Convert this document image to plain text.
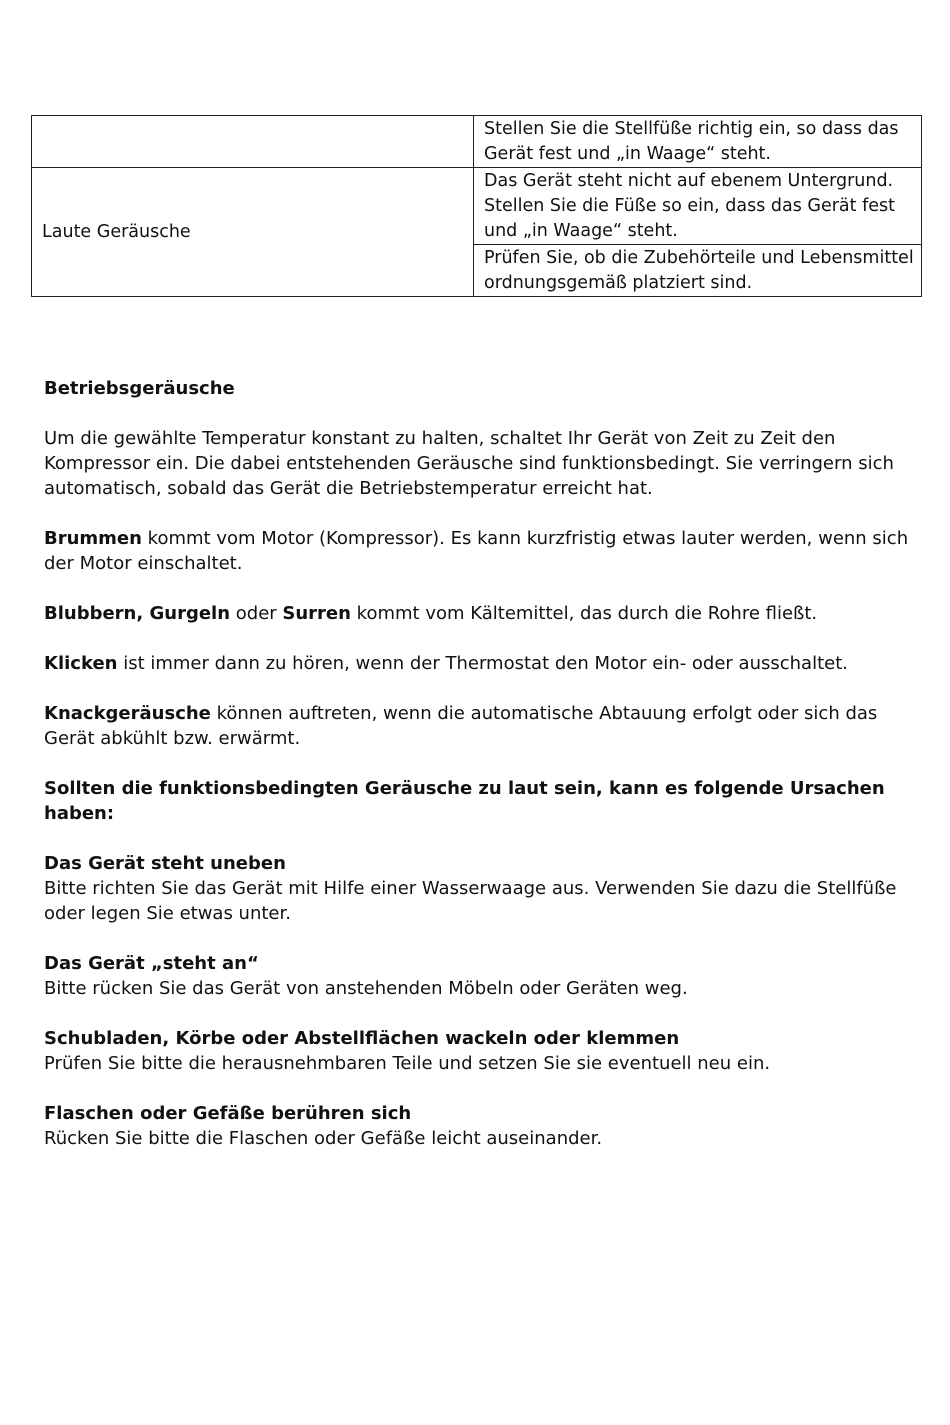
	Stellen Sie die Stellfüße richtig ein, so dass das Gerät fest und „in Waage“ steht.
Laute Geräusche	Das Gerät steht nicht auf ebenem Untergrund. Stellen Sie die Füße so ein, dass das Gerät fest und „in Waage“ steht.
	Prüfen Sie, ob die Zubehörteile und Lebensmittel ordnungsgemäß platziert sind.
Betriebsgeräusche
Um die gewählte Temperatur konstant zu halten, schaltet Ihr Gerät von Zeit zu Zeit den Kompressor ein. Die dabei entstehenden Geräusche sind funktionsbedingt. Sie verringern sich automatisch, sobald das Gerät die Betriebstemperatur erreicht hat.
Brummen kommt vom Motor (Kompressor). Es kann kurzfristig etwas lauter werden, wenn sich der Motor einschaltet.
Blubbern, Gurgeln oder Surren kommt vom Kältemittel, das durch die Rohre fließt.
Klicken ist immer dann zu hören, wenn der Thermostat den Motor ein- oder ausschaltet.
Knackgeräusche können auftreten, wenn die automatische Abtauung erfolgt oder sich das Gerät abkühlt bzw. erwärmt.
Sollten die funktionsbedingten Geräusche zu laut sein, kann es folgende Ursachen haben:
Das Gerät steht uneben
Bitte richten Sie das Gerät mit Hilfe einer Wasserwaage aus. Verwenden Sie dazu die Stellfüße oder legen Sie etwas unter.
Das Gerät „steht an“
Bitte rücken Sie das Gerät von anstehenden Möbeln oder Geräten weg.
Schubladen, Körbe oder Abstellflächen wackeln oder klemmen
Prüfen Sie bitte die herausnehmbaren Teile und setzen Sie sie eventuell neu ein.
Flaschen oder Gefäße berühren sich
Rücken Sie bitte die Flaschen oder Gefäße leicht auseinander.
